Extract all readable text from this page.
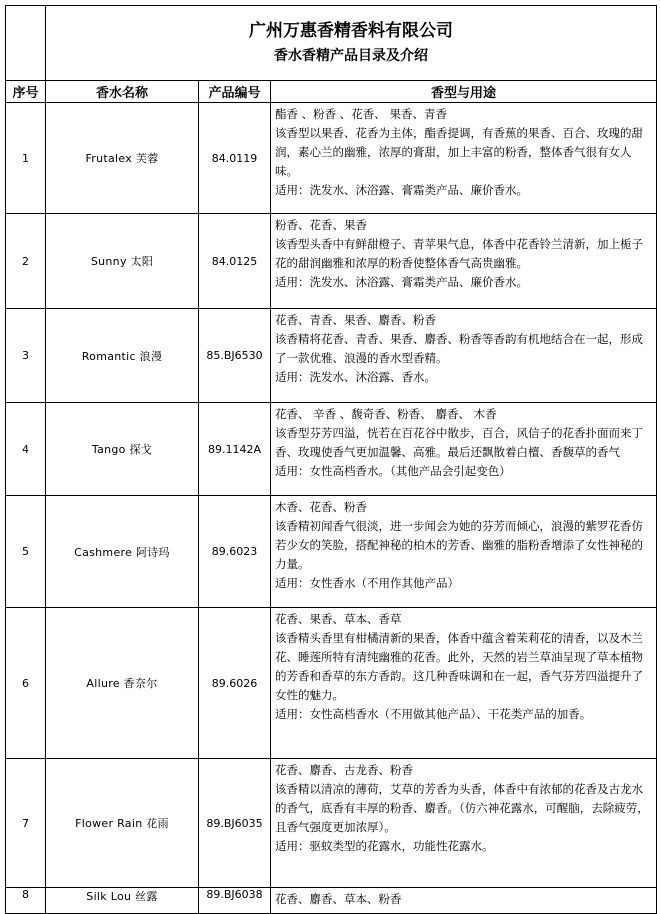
	广州万惠香精香料有限公司
香水香精产品目录及介绍		

序号	香水名称	产品编号	香型与用途
1	Frutalex 芙蓉	84.0119	酯香 、粉香 、花香、 果香、青香
该香型以果香、花香为主体，酯香提调，有香蕉的果香、百合、玫瑰的甜润，素心兰的幽雅，浓厚的膏甜，加上丰富的粉香，整体香气很有女人味。
适用：洗发水、沐浴露、膏霜类产品、廉价香水。

2	Sunny 太阳	84.0125	粉香、花香、果香
该香型头香中有鲜甜橙子、青苹果气息，体香中花香铃兰清新，加上栀子花的甜润幽雅和浓厚的粉香使整体香气高贵幽雅。
适用：洗发水、沐浴露、膏霜类产品、廉价香水。

3	Romantic 浪漫	85.BJ6530	花香、青香、果香、麝香、粉香
该香精将花香、青香、果香、麝香、粉香等香韵有机地结合在一起，形成了一款优雅、浪漫的香水型香精。
适用：洗发水、沐浴露、香水。

4	Tango 探戈	89.1142A	花香、 辛香 、馥奇香、粉香、 麝香、 木香
该香型芬芳四溢，恍若在百花谷中散步，百合，风信子的花香扑面而来丁香、玫瑰使香气更加温馨、高雅。最后还飘散着白檀、香馥草的香气
适用：女性高档香水。（其他产品会引起变色）

5	Cashmere 阿诗玛	89.6023	木香、花香、粉香
该香精初闻香气很淡，进一步闻会为她的芬芳而倾心，浪漫的紫罗花香仿若少女的笑脸，搭配神秘的柏木的芳香、幽雅的脂粉香增添了女性神秘的力量。
适用：女性香水（不用作其他产品）

6	Allure 香奈尔	89.6026	花香、果香、草本、香草
该香精头香里有柑橘清新的果香，体香中蕴含着茉莉花的清香，以及木兰花、睡莲所特有清纯幽雅的花香。此外，天然的岩兰草油呈现了草本植物的芳香和香草的东方香韵。这几种香味调和在一起，香气芬芳四溢提升了女性的魅力。
适用：女性高档香水（不用做其他产品）、干花类产品的加香。

7	Flower Rain 花雨	89.BJ6035	花香、麝香、古龙香、粉香
该香精以清凉的薄荷，艾草的芳香为头香，体香中有浓郁的花香及古龙水的香气，底香有丰厚的粉香、麝香。（仿六神花露水，可醒脑，去除疲劳，且香气强度更加浓厚）。
适用：驱蚊类型的花露水，功能性花露水。

8	Silk Lou 丝露	89.BJ6038	花香、麝香、草本、粉香
